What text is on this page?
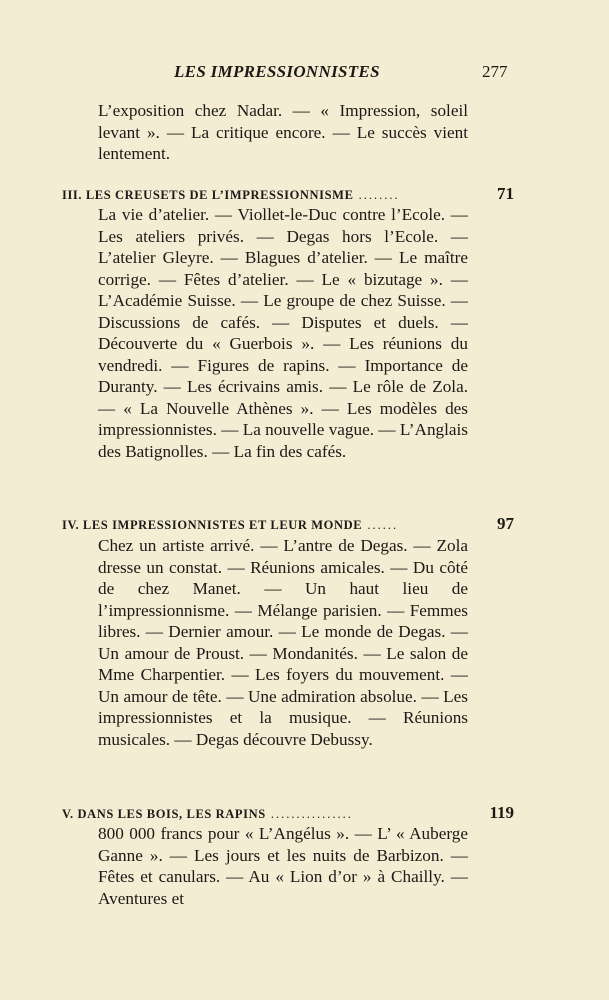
LES IMPRESSIONNISTES	277
L’exposition chez Nadar. — « Impression, soleil levant ». — La critique encore. — Le succès vient lentement.
III. LES CREUSETS DE L’IMPRESSIONNISME ........	71
La vie d’atelier. — Viollet-le-Duc contre l’Ecole. — Les ateliers privés. — Degas hors l’Ecole. — L’atelier Gleyre. — Blagues d’atelier. — Le maître corrige. — Fêtes d’atelier. — Le « bizutage ». — L’Académie Suisse. — Le groupe de chez Suisse. — Discussions de cafés. — Disputes et duels. — Découverte du « Guerbois ». — Les réunions du vendredi. — Figures de rapins. — Importance de Duranty. — Les écrivains amis. — Le rôle de Zola. — « La Nouvelle Athènes ». — Les modèles des impressionnistes. — La nouvelle vague. — L’Anglais des Batignolles. — La fin des cafés.
IV. LES IMPRESSIONNISTES ET LEUR MONDE ......	97
Chez un artiste arrivé. — L’antre de Degas. — Zola dresse un constat. — Réunions amicales. — Du côté de chez Manet. — Un haut lieu de l’impressionnisme. — Mélange parisien. — Femmes libres. — Dernier amour. — Le monde de Degas. — Un amour de Proust. — Mondanités. — Le salon de Mme Charpentier. — Les foyers du mouvement. — Un amour de tête. — Une admiration absolue. — Les impressionnistes et la musique. — Réunions musicales. — Degas découvre Debussy.
V. DANS LES BOIS, LES RAPINS ................	119
800 000 francs pour « L’Angélus ». — L’ « Auberge Ganne ». — Les jours et les nuits de Barbizon. — Fêtes et canulars. — Au « Lion d’or » à Chailly. — Aventures et
